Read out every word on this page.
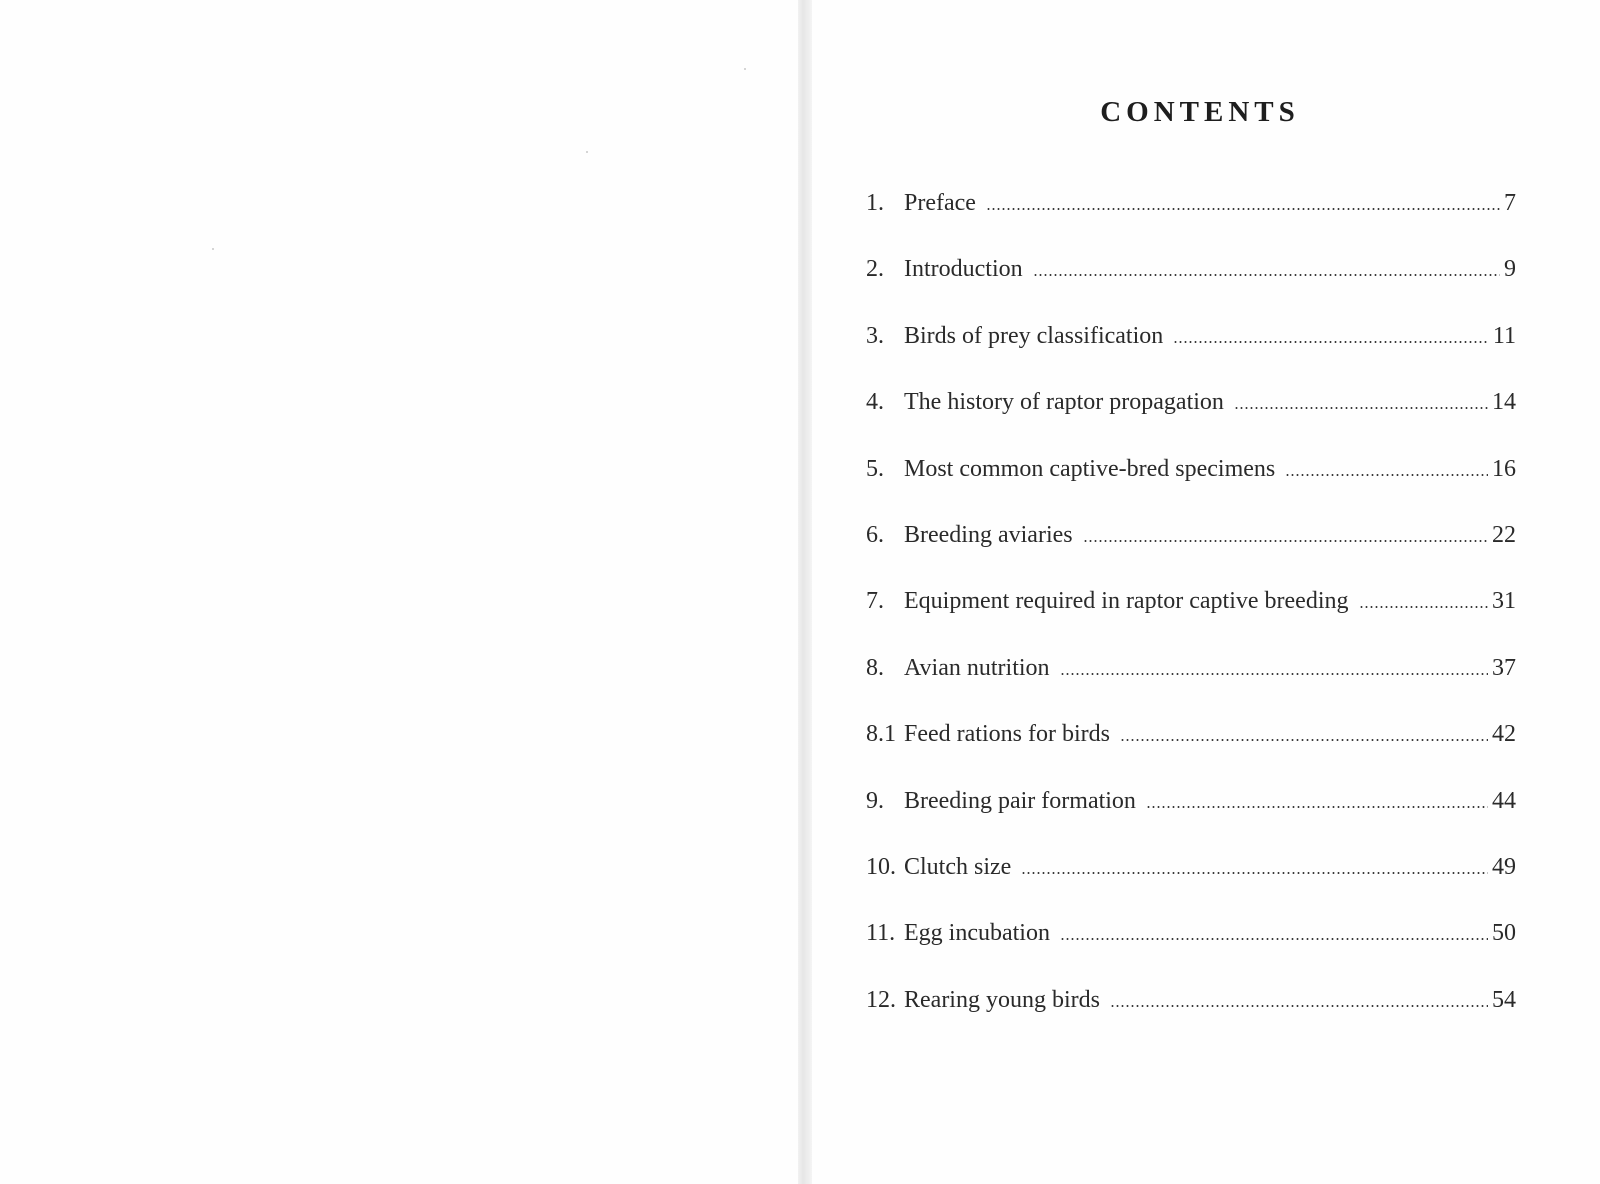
CONTENTS
1. Preface	7
2. Introduction	9
3. Birds of prey classification	11
4. The history of raptor propagation	14
5. Most common captive-bred specimens	16
6. Breeding aviaries	22
7. Equipment required in raptor captive breeding	31
8. Avian nutrition	37
8.1 Feed rations for birds	42
9. Breeding pair formation	44
10. Clutch size	49
11. Egg incubation	50
12. Rearing young birds	54
